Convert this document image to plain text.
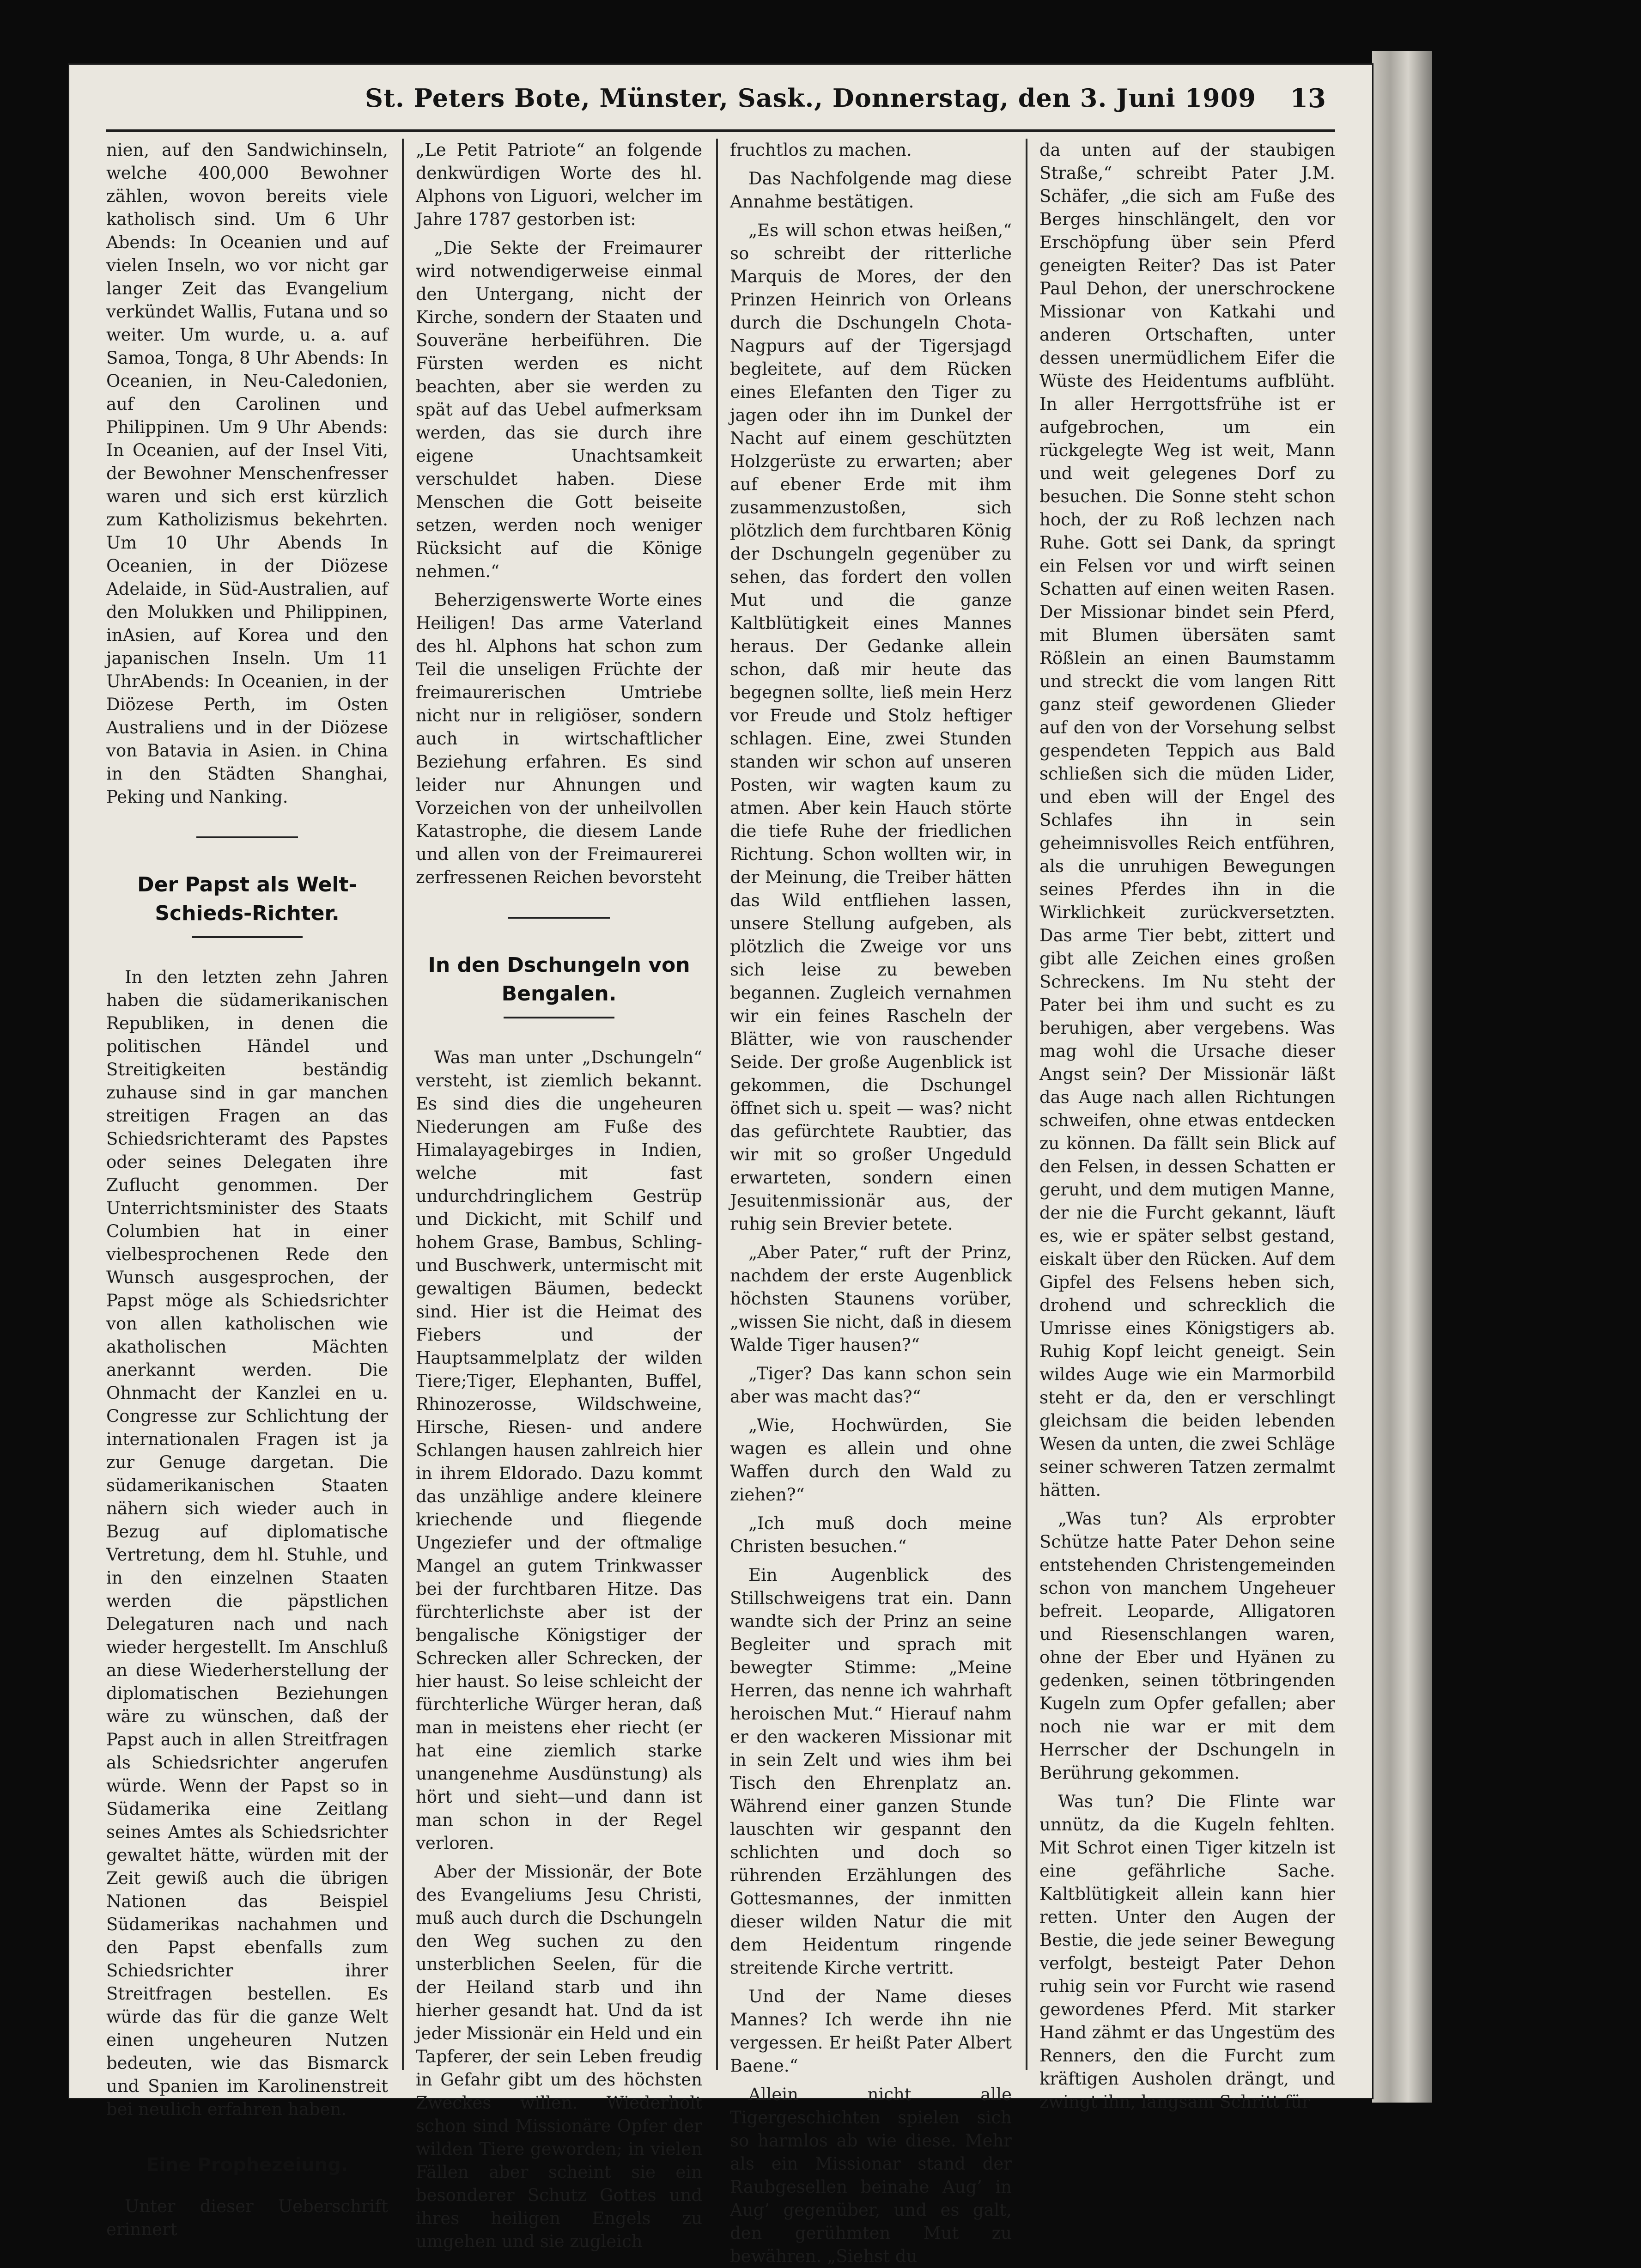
St. Peters Bote, Münster, Sask., Donnerstag, den 3. Juni 1909 13

nien, auf den Sandwichinseln, welche 400,000 Bewohner zählen, wovon bereits viele katholisch sind. Um 6 Uhr Abends: In Oceanien und auf vielen Inseln, wo vor nicht gar langer Zeit das Evangelium verkündet Wallis, Futana und so weiter. Um wurde, u. a. auf Samoa, Tonga, 8 Uhr Abends: In Oceanien, in Neu-Caledonien, auf den Carolinen und Philippinen. Um 9 Uhr Abends: In Oceanien, auf der Insel Viti, der Bewohner Menschenfresser waren und sich erst kürzlich zum Katholizismus bekehrten. Um 10 Uhr Abends In Oceanien, in der Diözese Adelaide, in Süd-Australien, auf den Molukken und Philippinen, inAsien, auf Korea und den japanischen Inseln. Um 11 UhrAbends: In Oceanien, in der Diözese Perth, im Osten Australiens und in der Diözese von Batavia in Asien. in China in den Städten Shanghai, Peking und Nanking.

Der Papst als Welt-Schieds-Richter.

In den letzten zehn Jahren haben die südamerikanischen Republiken, in denen die politischen Händel und Streitigkeiten beständig zuhause sind in gar manchen streitigen Fragen an das Schiedsrichteramt des Papstes oder seines Delegaten ihre Zuflucht genommen. Der Unterrichtsminister des Staats Columbien hat in einer vielbesprochenen Rede den Wunsch ausgesprochen, der Papst möge als Schiedsrichter von allen katholischen wie akatholischen Mächten anerkannt werden. Die Ohnmacht der Kanzlei en u. Congresse zur Schlichtung der internationalen Fragen ist ja zur Genuge dargetan. Die südamerikanischen Staaten nähern sich wieder auch in Bezug auf diplomatische Vertretung, dem hl. Stuhle, und in den einzelnen Staaten werden die päpstlichen Delegaturen nach und nach wieder hergestellt. Im Anschluß an diese Wiederherstellung der diplomatischen Beziehungen wäre zu wünschen, daß der Papst auch in allen Streitfragen als Schiedsrichter angerufen würde. Wenn der Papst so in Südamerika eine Zeitlang seines Amtes als Schiedsrichter gewaltet hätte, würden mit der Zeit gewiß auch die übrigen Nationen das Beispiel Südamerikas nachahmen und den Papst ebenfalls zum Schiedsrichter ihrer Streitfragen bestellen. Es würde das für die ganze Welt einen ungeheuren Nutzen bedeuten, wie das Bismarck und Spanien im Karolinenstreit bei neulich erfahren haben.

Eine Prophezeiung.

Unter dieser Ueberschrift erinnert

„Le Petit Patriote“ an folgende denkwürdigen Worte des hl. Alphons von Liguori, welcher im Jahre 1787 gestorben ist:

„Die Sekte der Freimaurer wird notwendigerweise einmal den Untergang, nicht der Kirche, sondern der Staaten und Souveräne herbeiführen. Die Fürsten werden es nicht beachten, aber sie werden zu spät auf das Uebel aufmerksam werden, das sie durch ihre eigene Unachtsamkeit verschuldet haben. Diese Menschen die Gott beiseite setzen, werden noch weniger Rücksicht auf die Könige nehmen.“

Beherzigenswerte Worte eines Heiligen! Das arme Vaterland des hl. Alphons hat schon zum Teil die unseligen Früchte der freimaurerischen Umtriebe nicht nur in religiöser, sondern auch in wirtschaftlicher Beziehung erfahren. Es sind leider nur Ahnungen und Vorzeichen von der unheilvollen Katastrophe, die diesem Lande und allen von der Freimaurerei zerfressenen Reichen bevorsteht

In den Dschungeln von Bengalen.

Was man unter „Dschungeln“ versteht, ist ziemlich bekannt. Es sind dies die ungeheuren Niederungen am Fuße des Himalayagebirges in Indien, welche mit fast undurchdringlichem Gestrüp und Dickicht, mit Schilf und hohem Grase, Bambus, Schling- und Buschwerk, untermischt mit gewaltigen Bäumen, bedeckt sind. Hier ist die Heimat des Fiebers und der Hauptsammelplatz der wilden Tiere;Tiger, Elephanten, Buffel, Rhinozerosse, Wildschweine, Hirsche, Riesen- und andere Schlangen hausen zahlreich hier in ihrem Eldorado. Dazu kommt das unzählige andere kleinere kriechende und fliegende Ungeziefer und der oftmalige Mangel an gutem Trinkwasser bei der furchtbaren Hitze. Das fürchterlichste aber ist der bengalische Königstiger der Schrecken aller Schrecken, der hier haust. So leise schleicht der fürchterliche Würger heran, daß man in meistens eher riecht (er hat eine ziemlich starke unangenehme Ausdünstung) als hört und sieht—und dann ist man schon in der Regel verloren.

Aber der Missionär, der Bote des Evangeliums Jesu Christi, muß auch durch die Dschungeln den Weg suchen zu den unsterblichen Seelen, für die der Heiland starb und ihn hierher gesandt hat. Und da ist jeder Missionär ein Held und ein Tapferer, der sein Leben freudig in Gefahr gibt um des höchsten Zweckes willen. Wiederholt schon sind Missionäre Opfer der wilden Tiere geworden; in vielen Fällen aber scheint sie ein besonderer Schutz Gottes und ihres heiligen Engels zu umgehen und sie zugleich

fruchtlos zu machen.

Das Nachfolgende mag diese Annahme bestätigen.

„Es will schon etwas heißen,“ so schreibt der ritterliche Marquis de Mores, der den Prinzen Heinrich von Orleans durch die Dschungeln Chota-Nagpurs auf der Tigersjagd begleitete, auf dem Rücken eines Elefanten den Tiger zu jagen oder ihn im Dunkel der Nacht auf einem geschützten Holzgerüste zu erwarten; aber auf ebener Erde mit ihm zusammenzustoßen, sich plötzlich dem furchtbaren König der Dschungeln gegenüber zu sehen, das fordert den vollen Mut und die ganze Kaltblütigkeit eines Mannes heraus. Der Gedanke allein schon, daß mir heute das begegnen sollte, ließ mein Herz vor Freude und Stolz heftiger schlagen. Eine, zwei Stunden standen wir schon auf unseren Posten, wir wagten kaum zu atmen. Aber kein Hauch störte die tiefe Ruhe der friedlichen Richtung. Schon wollten wir, in der Meinung, die Treiber hätten das Wild entfliehen lassen, unsere Stellung aufgeben, als plötzlich die Zweige vor uns sich leise zu beweben begannen. Zugleich vernahmen wir ein feines Rascheln der Blätter, wie von rauschender Seide. Der große Augenblick ist gekommen, die Dschungel öffnet sich u. speit — was? nicht das gefürchtete Raubtier, das wir mit so großer Ungeduld erwarteten, sondern einen Jesuitenmissionär aus, der ruhig sein Brevier betete.

„Aber Pater,“ ruft der Prinz, nachdem der erste Augenblick höchsten Staunens vorüber, „wissen Sie nicht, daß in diesem Walde Tiger hausen?“

„Tiger? Das kann schon sein aber was macht das?“

„Wie, Hochwürden, Sie wagen es allein und ohne Waffen durch den Wald zu ziehen?“

„Ich muß doch meine Christen besuchen.“

Ein Augenblick des Stillschweigens trat ein. Dann wandte sich der Prinz an seine Begleiter und sprach mit bewegter Stimme: „Meine Herren, das nenne ich wahrhaft heroischen Mut.“ Hierauf nahm er den wackeren Missionar mit in sein Zelt und wies ihm bei Tisch den Ehrenplatz an. Während einer ganzen Stunde lauschten wir gespannt den schlichten und doch so rührenden Erzählungen des Gottesmannes, der inmitten dieser wilden Natur die mit dem Heidentum ringende streitende Kirche vertritt.

Und der Name dieses Mannes? Ich werde ihn nie vergessen. Er heißt Pater Albert Baene.“

Allein nicht alle Tigergeschichten spielen sich so harmlos ab wie diese. Mehr als ein Missionar stand der Raubgesellen beinahe Aug’ in Aug’ gegenüber, und es galt, den gerühmten Mut zu bewähren. „Siehst du

da unten auf der staubigen Straße,“ schreibt Pater J.M. Schäfer, „die sich am Fuße des Berges hinschlängelt, den vor Erschöpfung über sein Pferd geneigten Reiter? Das ist Pater Paul Dehon, der unerschrockene Missionar von Katkahi und anderen Ortschaften, unter dessen unermüdlichem Eifer die Wüste des Heidentums aufblüht. In aller Herrgottsfrühe ist er aufgebrochen, um ein rückgelegte Weg ist weit, Mann und weit gelegenes Dorf zu besuchen. Die Sonne steht schon hoch, der zu Roß lechzen nach Ruhe. Gott sei Dank, da springt ein Felsen vor und wirft seinen Schatten auf einen weiten Rasen. Der Missionar bindet sein Pferd, mit Blumen übersäten samt Rößlein an einen Baumstamm und streckt die vom langen Ritt ganz steif gewordenen Glieder auf den von der Vorsehung selbst gespendeten Teppich aus Bald schließen sich die müden Lider, und eben will der Engel des Schlafes ihn in sein geheimnisvolles Reich entführen, als die unruhigen Bewegungen seines Pferdes ihn in die Wirklichkeit zurückversetzten. Das arme Tier bebt, zittert und gibt alle Zeichen eines großen Schreckens. Im Nu steht der Pater bei ihm und sucht es zu beruhigen, aber vergebens. Was mag wohl die Ursache dieser Angst sein? Der Missionär läßt das Auge nach allen Richtungen schweifen, ohne etwas entdecken zu können. Da fällt sein Blick auf den Felsen, in dessen Schatten er geruht, und dem mutigen Manne, der nie die Furcht gekannt, läuft es, wie er später selbst gestand, eiskalt über den Rücken. Auf dem Gipfel des Felsens heben sich, drohend und schrecklich die Umrisse eines Königstigers ab. Ruhig Kopf leicht geneigt. Sein wildes Auge wie ein Marmorbild steht er da, den er verschlingt gleichsam die beiden lebenden Wesen da unten, die zwei Schläge seiner schweren Tatzen zermalmt hätten.

„Was tun? Als erprobter Schütze hatte Pater Dehon seine entstehenden Christengemeinden schon von manchem Ungeheuer befreit. Leoparde, Alligatoren und Riesenschlangen waren, ohne der Eber und Hyänen zu gedenken, seinen tötbringenden Kugeln zum Opfer gefallen; aber noch nie war er mit dem Herrscher der Dschungeln in Berührung gekommen.

Was tun? Die Flinte war unnütz, da die Kugeln fehlten. Mit Schrot einen Tiger kitzeln ist eine gefährliche Sache. Kaltblütigkeit allein kann hier retten. Unter den Augen der Bestie, die jede seiner Bewegung verfolgt, besteigt Pater Dehon ruhig sein vor Furcht wie rasend gewordenes Pferd. Mit starker Hand zähmt er das Ungestüm des Renners, den die Furcht zum kräftigen Ausholen drängt, und zwingt ihn, langsam Schritt für
